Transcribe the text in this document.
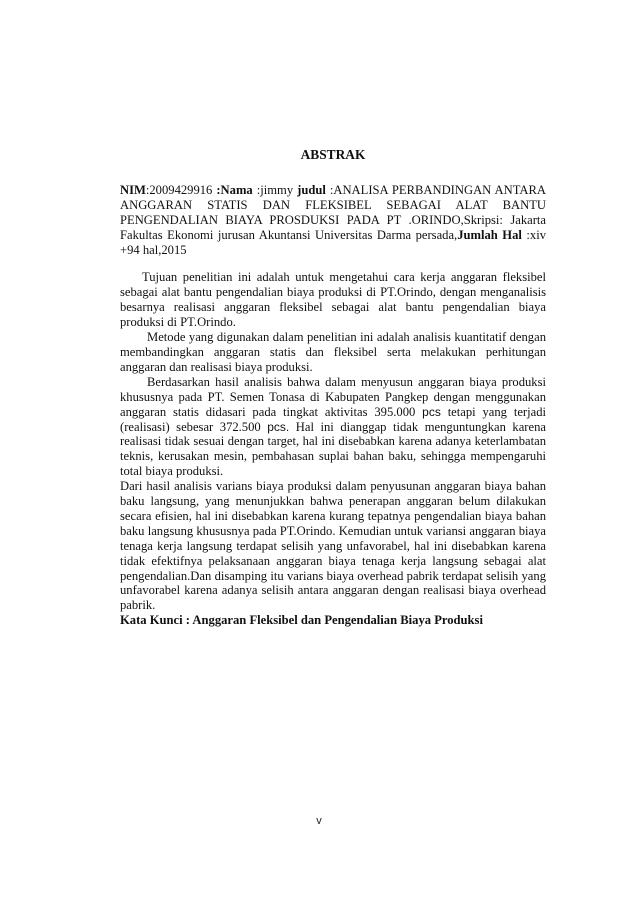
ABSTRAK

NIM:2009429916 :Nama :jimmy judul :ANALISA PERBANDINGAN ANTARA ANGGARAN STATIS DAN FLEKSIBEL SEBAGAI ALAT BANTU PENGENDALIAN BIAYA PROSDUKSI PADA PT .ORINDO,Skripsi: Jakarta Fakultas Ekonomi jurusan Akuntansi Universitas Darma persada,Jumlah Hal :xiv +94 hal,2015

Tujuan penelitian ini adalah untuk mengetahui cara kerja anggaran fleksibel sebagai alat bantu pengendalian biaya produksi di PT.Orindo, dengan menganalisis besarnya realisasi anggaran fleksibel sebagai alat bantu pengendalian biaya produksi di PT.Orindo.

Metode yang digunakan dalam penelitian ini adalah analisis kuantitatif dengan membandingkan anggaran statis dan fleksibel serta melakukan perhitungan anggaran dan realisasi biaya produksi.

Berdasarkan hasil analisis bahwa dalam menyusun anggaran biaya produksi khususnya pada PT. Semen Tonasa di Kabupaten Pangkep dengan menggunakan anggaran statis didasari pada tingkat aktivitas 395.000 pcs tetapi yang terjadi (realisasi) sebesar 372.500 pcs. Hal ini dianggap tidak menguntungkan karena realisasi tidak sesuai dengan target, hal ini disebabkan karena adanya keterlambatan teknis, kerusakan mesin, pembahasan suplai bahan baku, sehingga mempengaruhi total biaya produksi.

Dari hasil analisis varians biaya produksi dalam penyusunan anggaran biaya bahan baku langsung, yang menunjukkan bahwa penerapan anggaran belum dilakukan secara efisien, hal ini disebabkan karena kurang tepatnya pengendalian biaya bahan baku langsung khususnya pada PT.Orindo. Kemudian untuk variansi anggaran biaya tenaga kerja langsung terdapat selisih yang unfavorabel, hal ini disebabkan karena tidak efektifnya pelaksanaan anggaran biaya tenaga kerja langsung sebagai alat pengendalian.Dan disamping itu varians biaya overhead pabrik terdapat selisih yang unfavorabel karena adanya selisih antara anggaran dengan realisasi biaya overhead pabrik.

Kata Kunci : Anggaran Fleksibel dan Pengendalian Biaya Produksi

v
